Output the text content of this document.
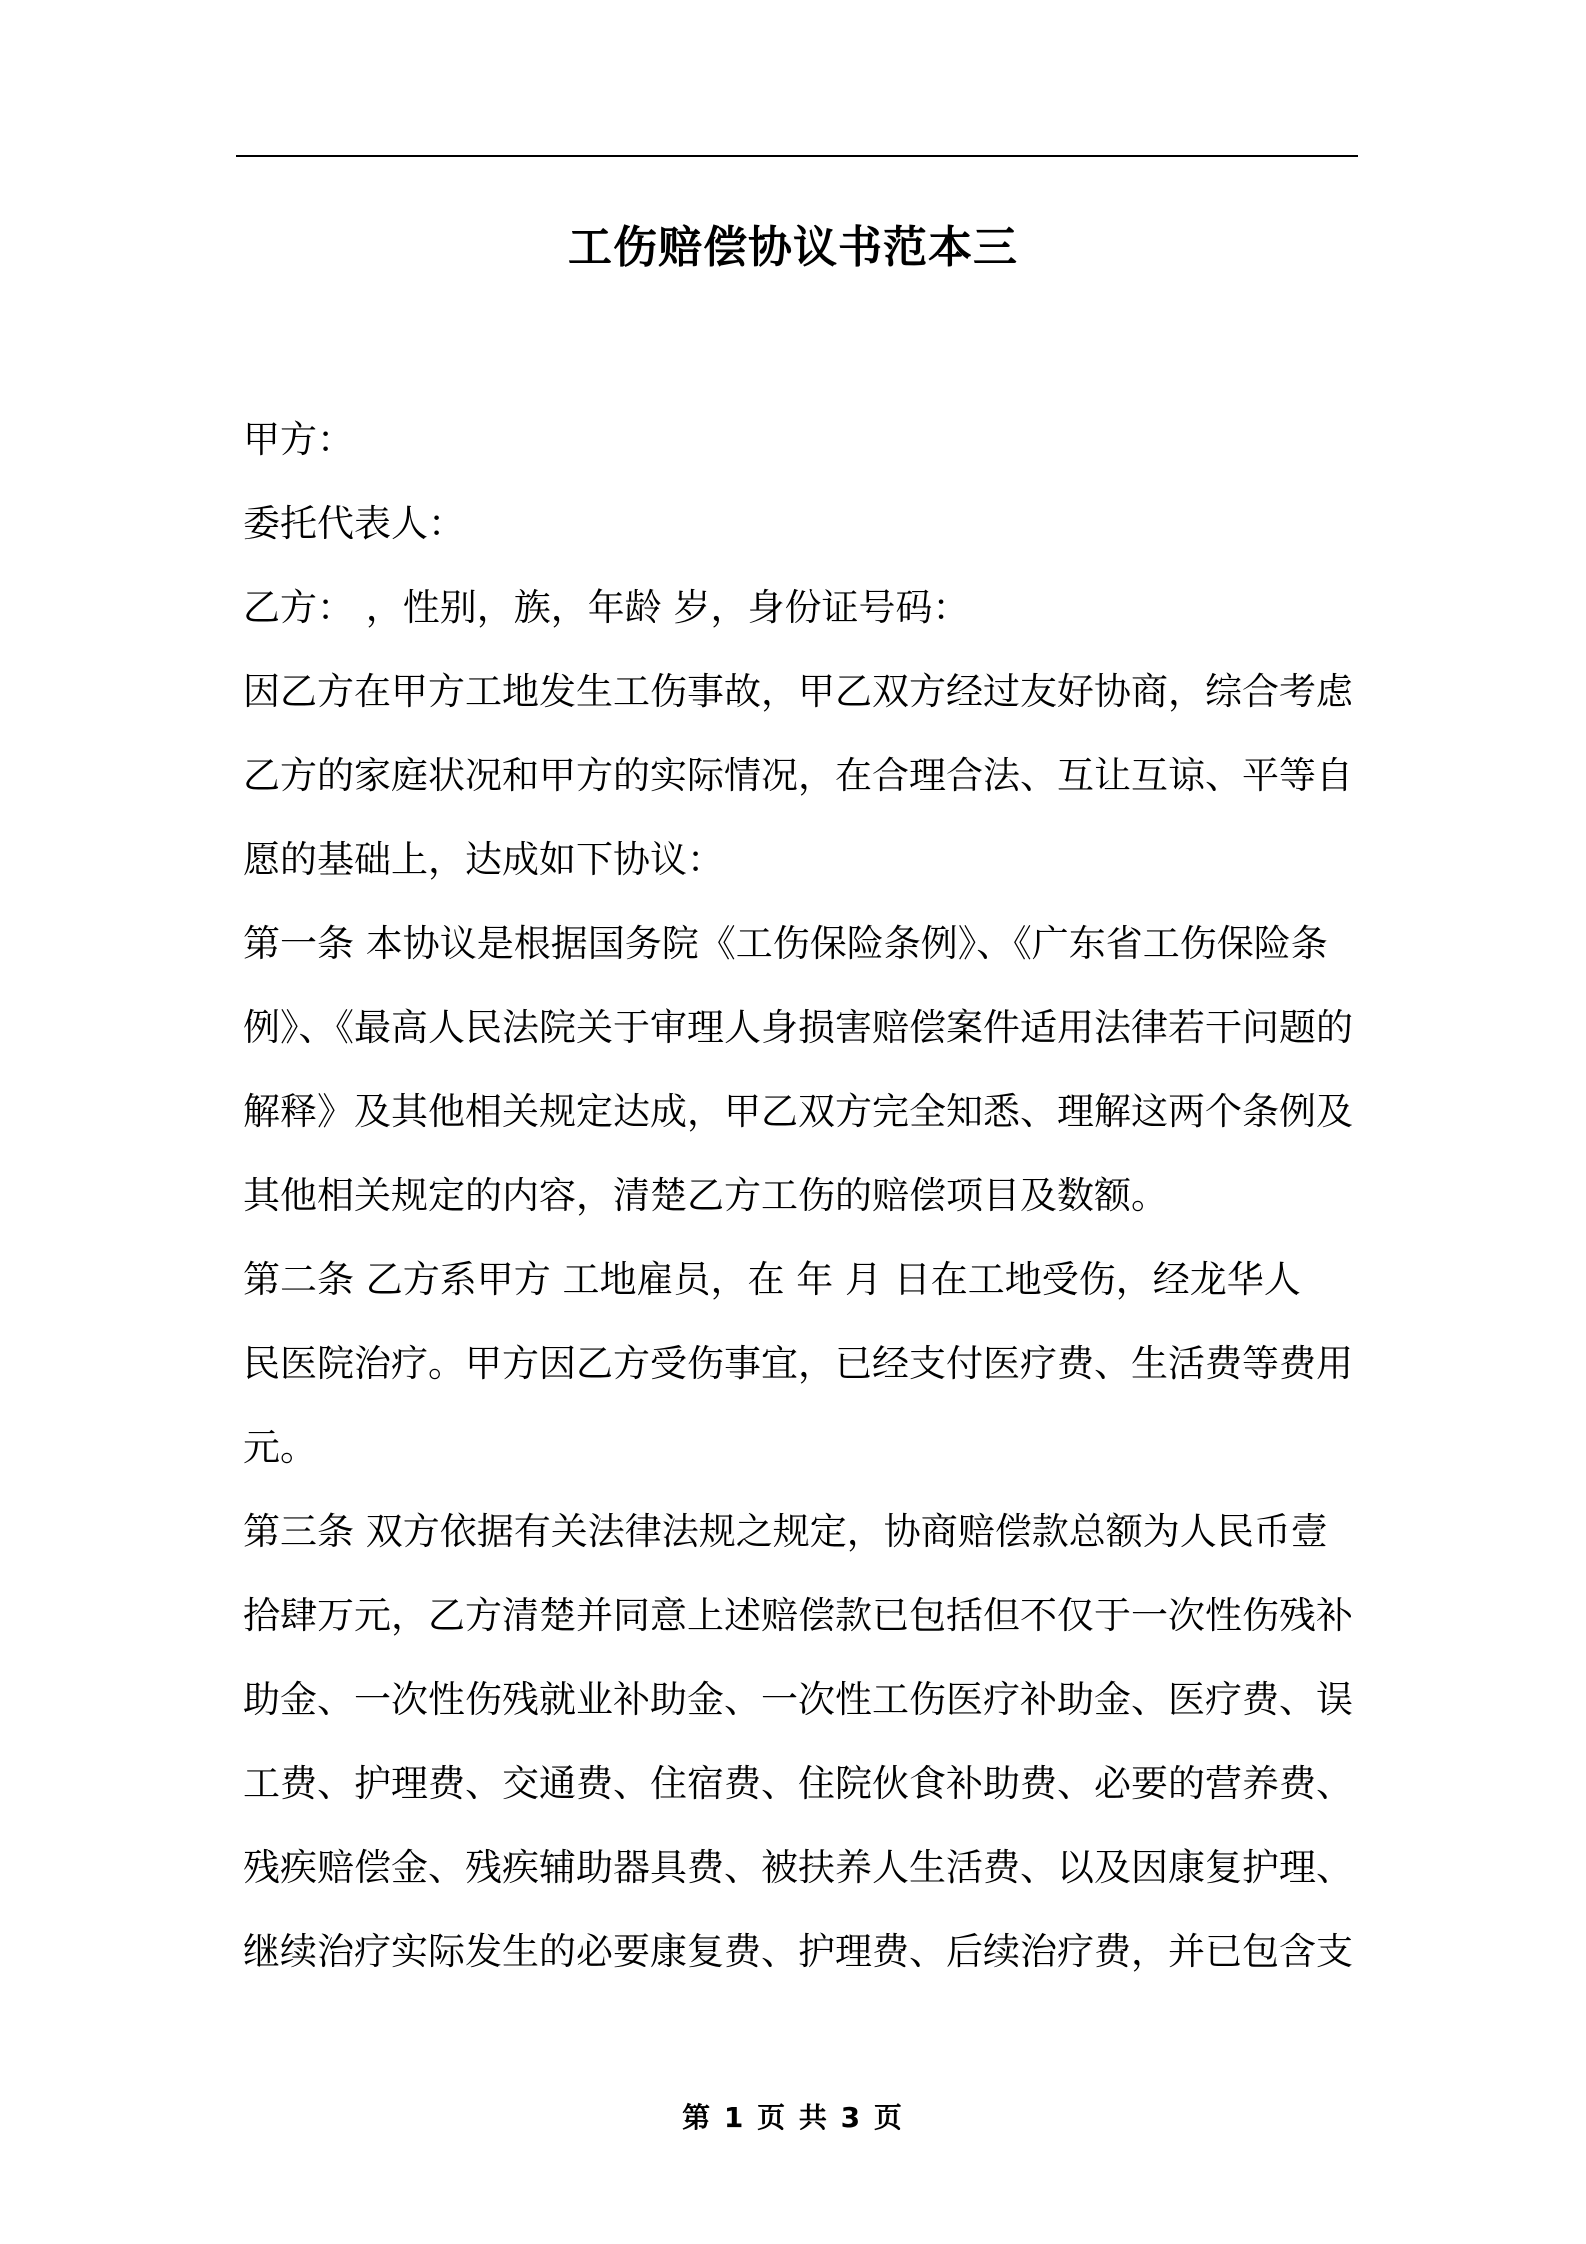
工伤赔偿协议书范本三
甲方：
委托代表人：
乙方： ，性别，族，年龄 岁，身份证号码：
因乙方在甲方工地发生工伤事故，甲乙双方经过友好协商，综合考虑
乙方的家庭状况和甲方的实际情况，在合理合法、互让互谅、平等自
愿的基础上，达成如下协议：
第一条 本协议是根据国务院《工伤保险条例》、《广东省工伤保险条
例》、《最高人民法院关于审理人身损害赔偿案件适用法律若干问题的
解释》及其他相关规定达成，甲乙双方完全知悉、理解这两个条例及
其他相关规定的内容，清楚乙方工伤的赔偿项目及数额。
第二条 乙方系甲方 工地雇员，在 年 月 日在工地受伤，经龙华人
民医院治疗。甲方因乙方受伤事宜，已经支付医疗费、生活费等费用
元。
第三条 双方依据有关法律法规之规定，协商赔偿款总额为人民币壹
拾肆万元，乙方清楚并同意上述赔偿款已包括但不仅于一次性伤残补
助金、一次性伤残就业补助金、一次性工伤医疗补助金、医疗费、误
工费、护理费、交通费、住宿费、住院伙食补助费、必要的营养费、
残疾赔偿金、残疾辅助器具费、被扶养人生活费、以及因康复护理、
继续治疗实际发生的必要康复费、护理费、后续治疗费，并已包含支
第 1 页 共 3 页
